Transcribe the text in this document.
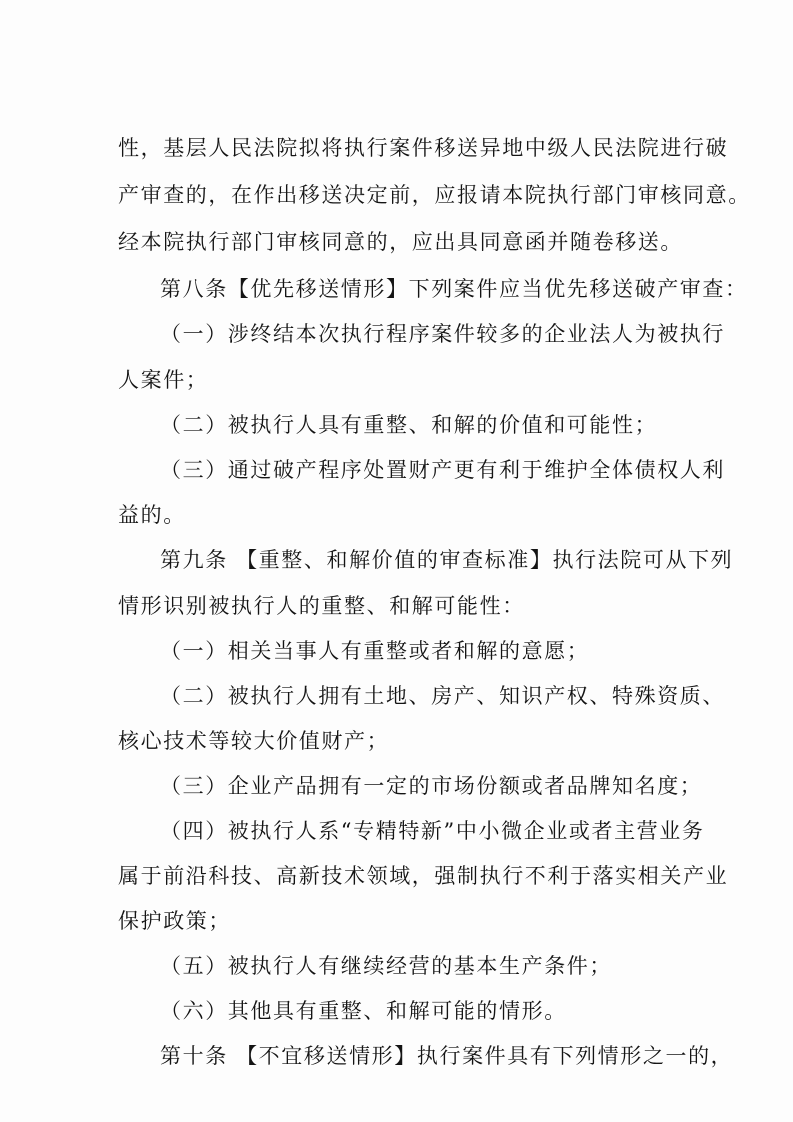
性，基层人民法院拟将执行案件移送异地中级人民法院进行破
产审查的，在作出移送决定前，应报请本院执行部门审核同意。
经本院执行部门审核同意的，应出具同意函并随卷移送。
第八条【优先移送情形】下列案件应当优先移送破产审查：
（一）涉终结本次执行程序案件较多的企业法人为被执行
人案件；
（二）被执行人具有重整、和解的价值和可能性；
（三）通过破产程序处置财产更有利于维护全体债权人利
益的。
第九条 【重整、和解价值的审查标准】执行法院可从下列
情形识别被执行人的重整、和解可能性：
（一）相关当事人有重整或者和解的意愿；
（二）被执行人拥有土地、房产、知识产权、特殊资质、
核心技术等较大价值财产；
（三）企业产品拥有一定的市场份额或者品牌知名度；
（四）被执行人系“专精特新”中小微企业或者主营业务
属于前沿科技、高新技术领域，强制执行不利于落实相关产业
保护政策；
（五）被执行人有继续经营的基本生产条件；
（六）其他具有重整、和解可能的情形。
第十条 【不宜移送情形】执行案件具有下列情形之一的，
